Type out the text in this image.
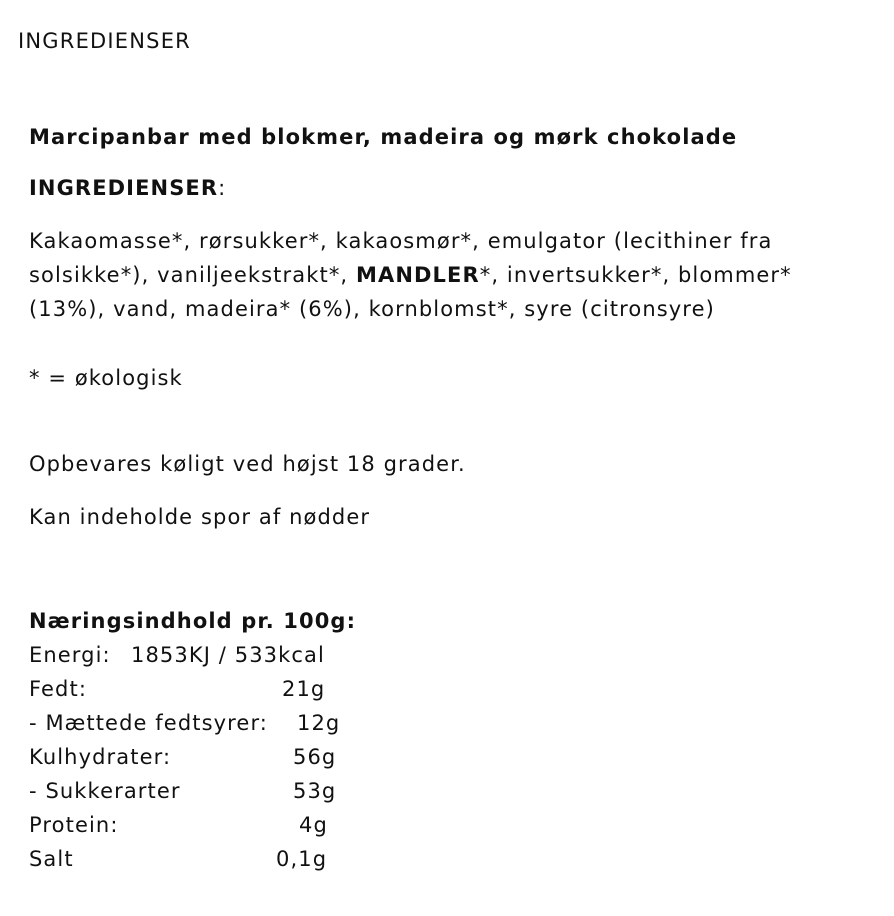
INGREDIENSER

Marcipanbar med blokmer, madeira og mørk chokolade

INGREDIENSER:

Kakaomasse*, rørsukker*, kakaosmør*, emulgator (lecithiner fra
solsikke*), vaniljeekstrakt*, MANDLER*, invertsukker*, blommer*
(13%), vand, madeira* (6%), kornblomst*, syre (citronsyre)

* = økologisk

Opbevares køligt ved højst 18 grader.

Kan indeholde spor af nødder

Næringsindhold pr. 100g:
Energi: 1853KJ / 533kcal
Fedt:	21g
- Mættede fedtsyrer: 12g
Kulhydrater:	56g
- Sukkerarter	53g
Protein:	4g
Salt	0,1g
